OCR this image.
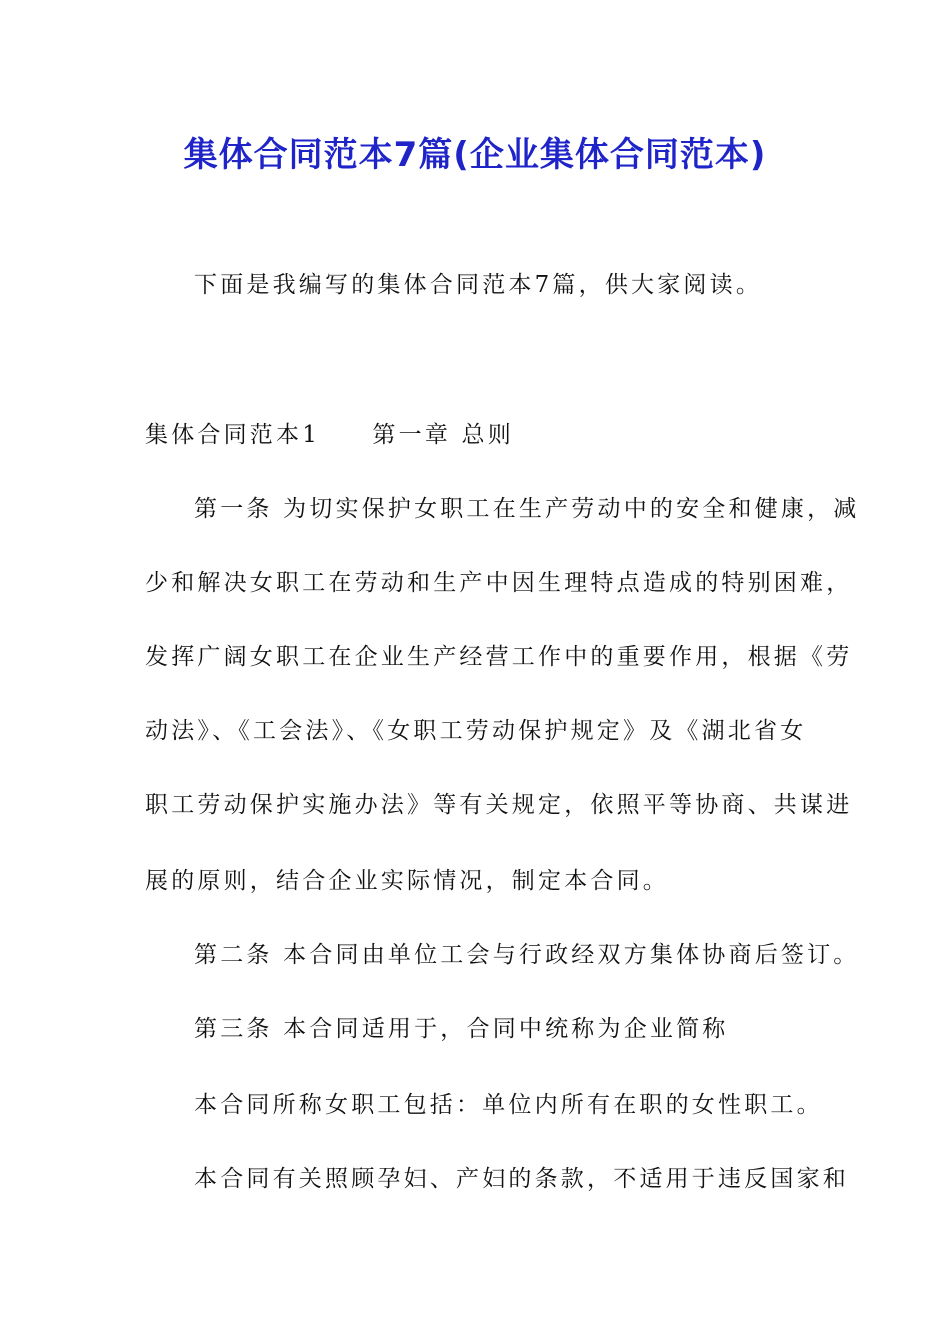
集体合同范本7篇(企业集体合同范本)
下面是我编写的集体合同范本7篇，供大家阅读。
集体合同范本1　　第一章 总则
第一条 为切实保护女职工在生产劳动中的安全和健康，减
少和解决女职工在劳动和生产中因生理特点造成的特别困难，
发挥广阔女职工在企业生产经营工作中的重要作用，根据《劳
动法》、《工会法》、《女职工劳动保护规定》及《湖北省女
职工劳动保护实施办法》等有关规定，依照平等协商、共谋进
展的原则，结合企业实际情况，制定本合同。
第二条 本合同由单位工会与行政经双方集体协商后签订。
第三条 本合同适用于，合同中统称为企业简称
本合同所称女职工包括：单位内所有在职的女性职工。
本合同有关照顾孕妇、产妇的条款，不适用于违反国家和
